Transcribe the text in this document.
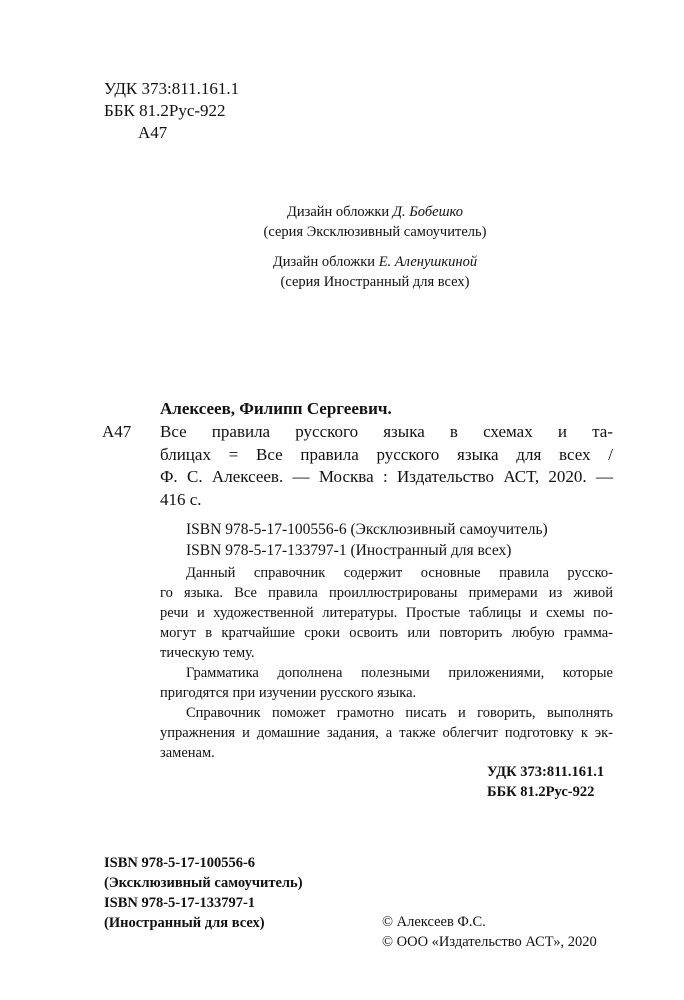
УДК 373:811.161.1
ББК 81.2Рус-922
А47
Дизайн обложки Д. Бобешко
(серия Эксклюзивный самоучитель)
Дизайн обложки Е. Аленушкиной
(серия Иностранный для всех)
Алексеев, Филипп Сергеевич.
А47 Все правила русского языка в схемах и та-
блицах = Все правила русского языка для всех /
Ф. С. Алексеев. — Москва : Издательство АСТ, 2020. —
416 с.
ISBN 978-5-17-100556-6 (Эксклюзивный самоучитель)
ISBN 978-5-17-133797-1 (Иностранный для всех)

Данный справочник содержит основные правила русско-
го языка. Все правила проиллюстрированы примерами из живой
речи и художественной литературы. Простые таблицы и схемы по-
могут в кратчайшие сроки освоить или повторить любую грамма-
тическую тему.

Грамматика дополнена полезными приложениями, которые
пригодятся при изучении русского языка.

Справочник поможет грамотно писать и говорить, выполнять
упражнения и домашние задания, а также облегчит подготовку к эк-
заменам.

УДК 373:811.161.1
ББК 81.2Рус-922
ISBN 978-5-17-100556-6
(Эксклюзивный самоучитель)
ISBN 978-5-17-133797-1
(Иностранный для всех)	© Алексеев Ф.С.
© ООО «Издательство АСТ», 2020
